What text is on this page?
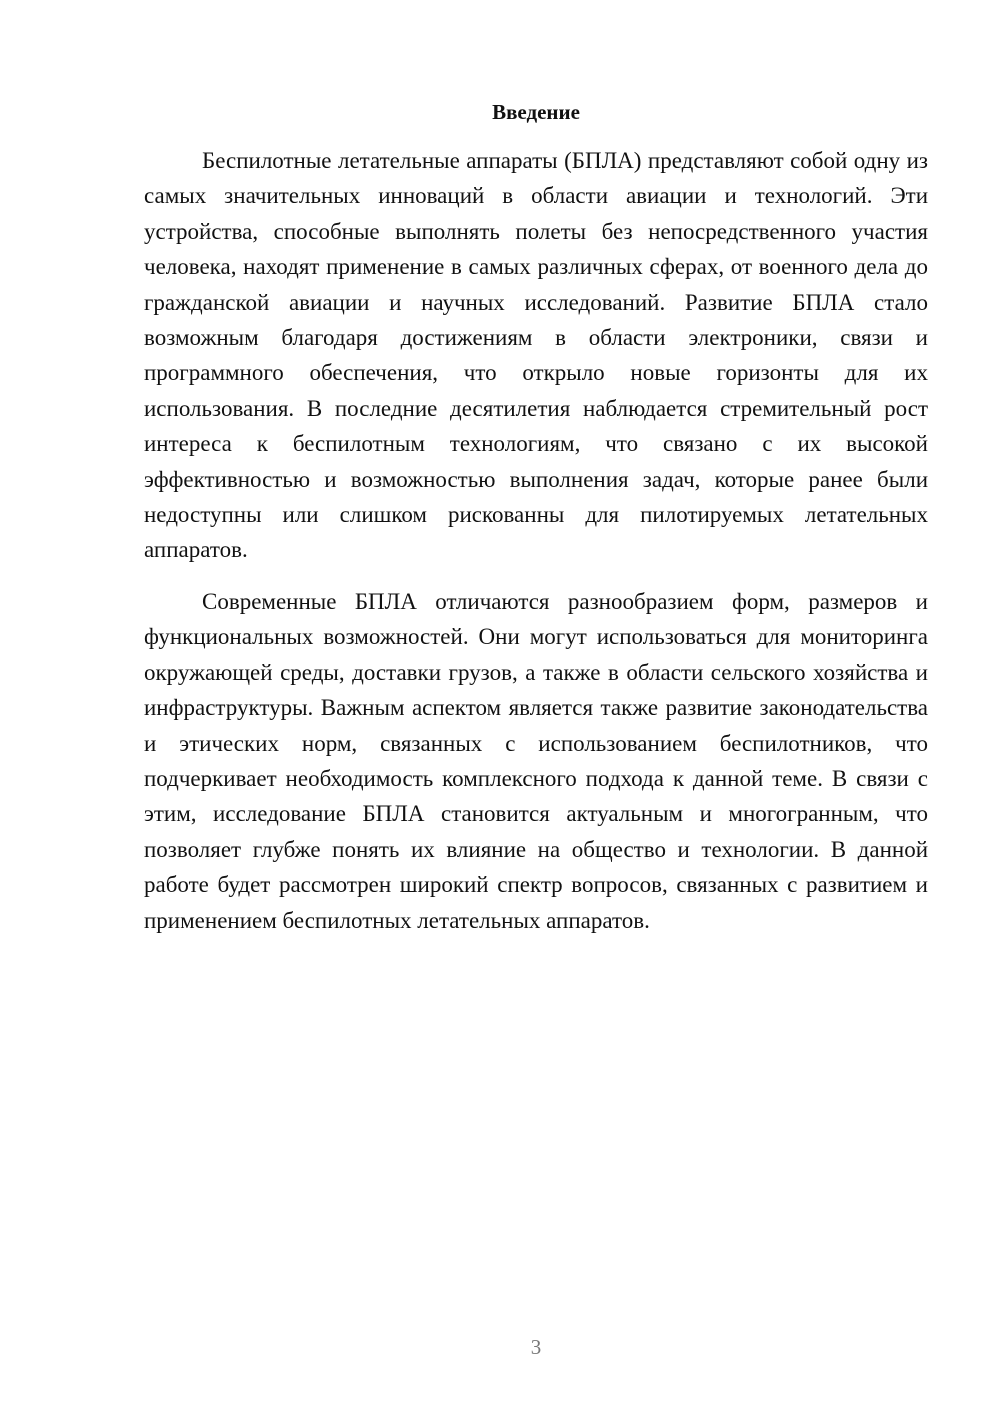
Введение

Беспилотные летательные аппараты (БПЛА) представляют собой одну из самых значительных инноваций в области авиации и технологий. Эти устройства, способные выполнять полеты без непосредственного участия человека, находят применение в самых различных сферах, от военного дела до гражданской авиации и научных исследований. Развитие БПЛА стало возможным благодаря достижениям в области электроники, связи и программного обеспечения, что открыло новые горизонты для их использования. В последние десятилетия наблюдается стремительный рост интереса к беспилотным технологиям, что связано с их высокой эффективностью и возможностью выполнения задач, которые ранее были недоступны или слишком рискованны для пилотируемых летательных аппаратов.

Современные БПЛА отличаются разнообразием форм, размеров и функциональных возможностей. Они могут использоваться для мониторинга окружающей среды, доставки грузов, а также в области сельского хозяйства и инфраструктуры. Важным аспектом является также развитие законодательства и этических норм, связанных с использованием беспилотников, что подчеркивает необходимость комплексного подхода к данной теме. В связи с этим, исследование БПЛА становится актуальным и многогранным, что позволяет глубже понять их влияние на общество и технологии. В данной работе будет рассмотрен широкий спектр вопросов, связанных с развитием и применением беспилотных летательных аппаратов.

3
